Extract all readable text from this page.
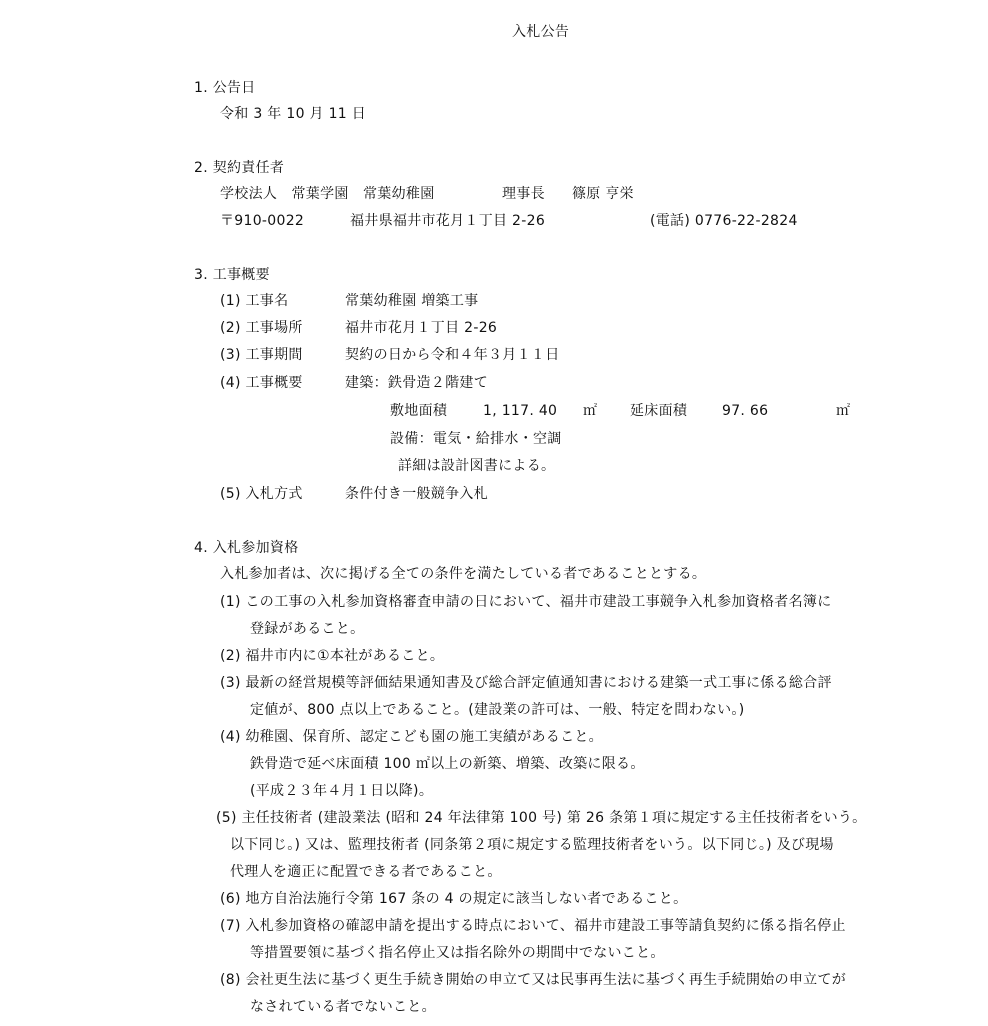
入札公告
1. 公告日
令和 3 年 10 月 11 日
2. 契約責任者
学校法人　常葉学園　常葉幼稚園	理事長 篠原 亨栄
〒910-0022	福井県福井市花月１丁目 2-26	(電話) 0776-22-2824
3. 工事概要
(1) 工事名	常葉幼稚園 増築工事
(2) 工事場所	福井市花月１丁目 2-26
(3) 工事期間	契約の日から令和４年３月１１日
(4) 工事概要	建築：鉄骨造２階建て
敷地面積	1, 117. 40 ㎡ 延床面積 97. 66	㎡
設備：電気・給排水・空調
詳細は設計図書による。
(5) 入札方式	条件付き一般競争入札
4. 入札参加資格
入札参加者は、次に掲げる全ての条件を満たしている者であることとする。
(1) この工事の入札参加資格審査申請の日において、福井市建設工事競争入札参加資格者名簿に
登録があること。
(2) 福井市内に①本社があること。
(3) 最新の経営規模等評価結果通知書及び総合評定値通知書における建築一式工事に係る総合評
定値が、800 点以上であること。(建設業の許可は、一般、特定を問わない。)
(4) 幼稚園、保育所、認定こども園の施工実績があること。
鉄骨造で延べ床面積 100 ㎡以上の新築、増築、改築に限る。
(平成２３年４月１日以降)。
(5) 主任技術者 (建設業法 (昭和 24 年法律第 100 号) 第 26 条第１項に規定する主任技術者をいう。
以下同じ。) 又は、監理技術者 (同条第２項に規定する監理技術者をいう。以下同じ。) 及び現場
代理人を適正に配置できる者であること。
(6) 地方自治法施行令第 167 条の 4 の規定に該当しない者であること。
(7) 入札参加資格の確認申請を提出する時点において、福井市建設工事等請負契約に係る指名停止
等措置要領に基づく指名停止又は指名除外の期間中でないこと。
(8) 会社更生法に基づく更生手続き開始の申立て又は民事再生法に基づく再生手続開始の申立てが
なされている者でないこと。
